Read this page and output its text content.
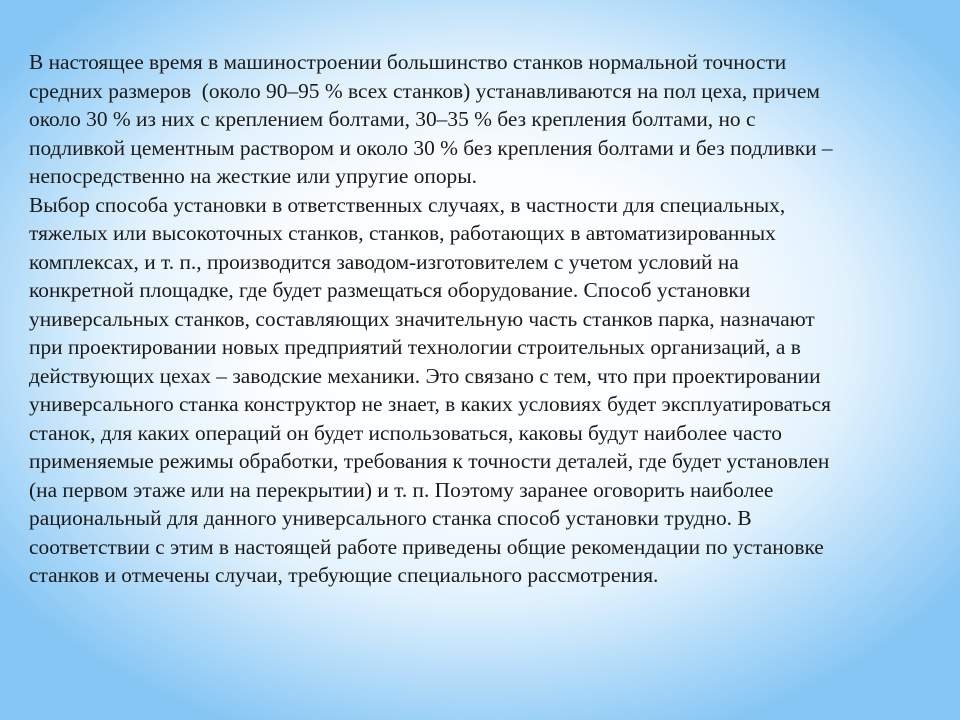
В настоящее время в машиностроении большинство станков нормальной точности
средних размеров  (около 90–95 % всех станков) устанавливаются на пол цеха, причем
около 30 % из них с креплением болтами, 30–35 % без крепления болтами, но с
подливкой цементным раствором и около 30 % без крепления болтами и без подливки –
непосредственно на жесткие или упругие опоры.
Выбор способа установки в ответственных случаях, в частности для специальных,
тяжелых или высокоточных станков, станков, работающих в автоматизированных
комплексах, и т. п., производится заводом-изготовителем с учетом условий на
конкретной площадке, где будет размещаться оборудование. Способ установки
универсальных станков, составляющих значительную часть станков парка, назначают
при проектировании новых предприятий технологии строительных организаций, а в
действующих цехах – заводские механики. Это связано с тем, что при проектировании
универсального станка конструктор не знает, в каких условиях будет эксплуатироваться
станок, для каких операций он будет использоваться, каковы будут наиболее часто
применяемые режимы обработки, требования к точности деталей, где будет установлен
(на первом этаже или на перекрытии) и т. п. Поэтому заранее оговорить наиболее
рациональный для данного универсального станка способ установки трудно. В
соответствии с этим в настоящей работе приведены общие рекомендации по установке
станков и отмечены случаи, требующие специального рассмотрения.
